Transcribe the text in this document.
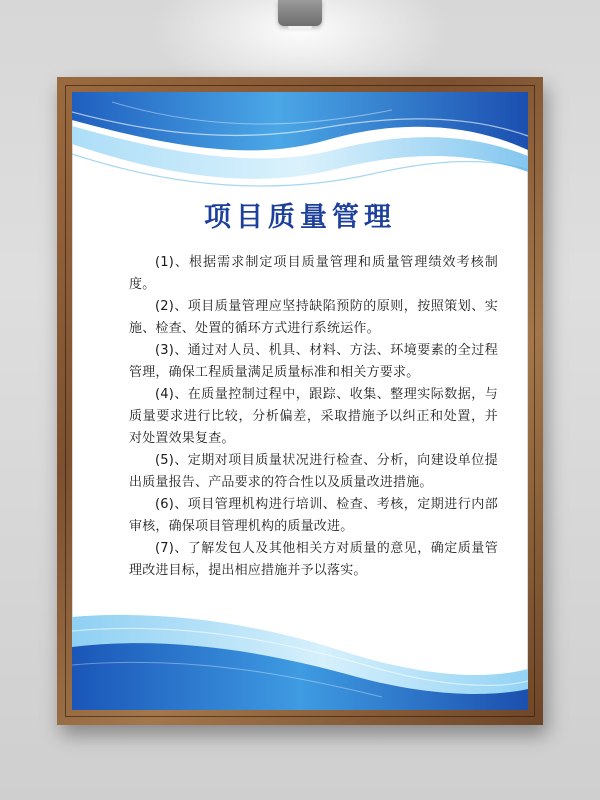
项目质量管理

(1)、根据需求制定项目质量管理和质量管理绩效考核制度。

(2)、项目质量管理应坚持缺陷预防的原则，按照策划、实施、检查、处置的循环方式进行系统运作。

(3)、通过对人员、机具、材料、方法、环境要素的全过程管理，确保工程质量满足质量标准和相关方要求。

(4)、在质量控制过程中，跟踪、收集、整理实际数据，与质量要求进行比较，分析偏差，采取措施予以纠正和处置，并对处置效果复查。

(5)、定期对项目质量状况进行检查、分析，向建设单位提出质量报告、产品要求的符合性以及质量改进措施。

(6)、项目管理机构进行培训、检查、考核，定期进行内部审核，确保项目管理机构的质量改进。

(7)、了解发包人及其他相关方对质量的意见，确定质量管理改进目标，提出相应措施并予以落实。
